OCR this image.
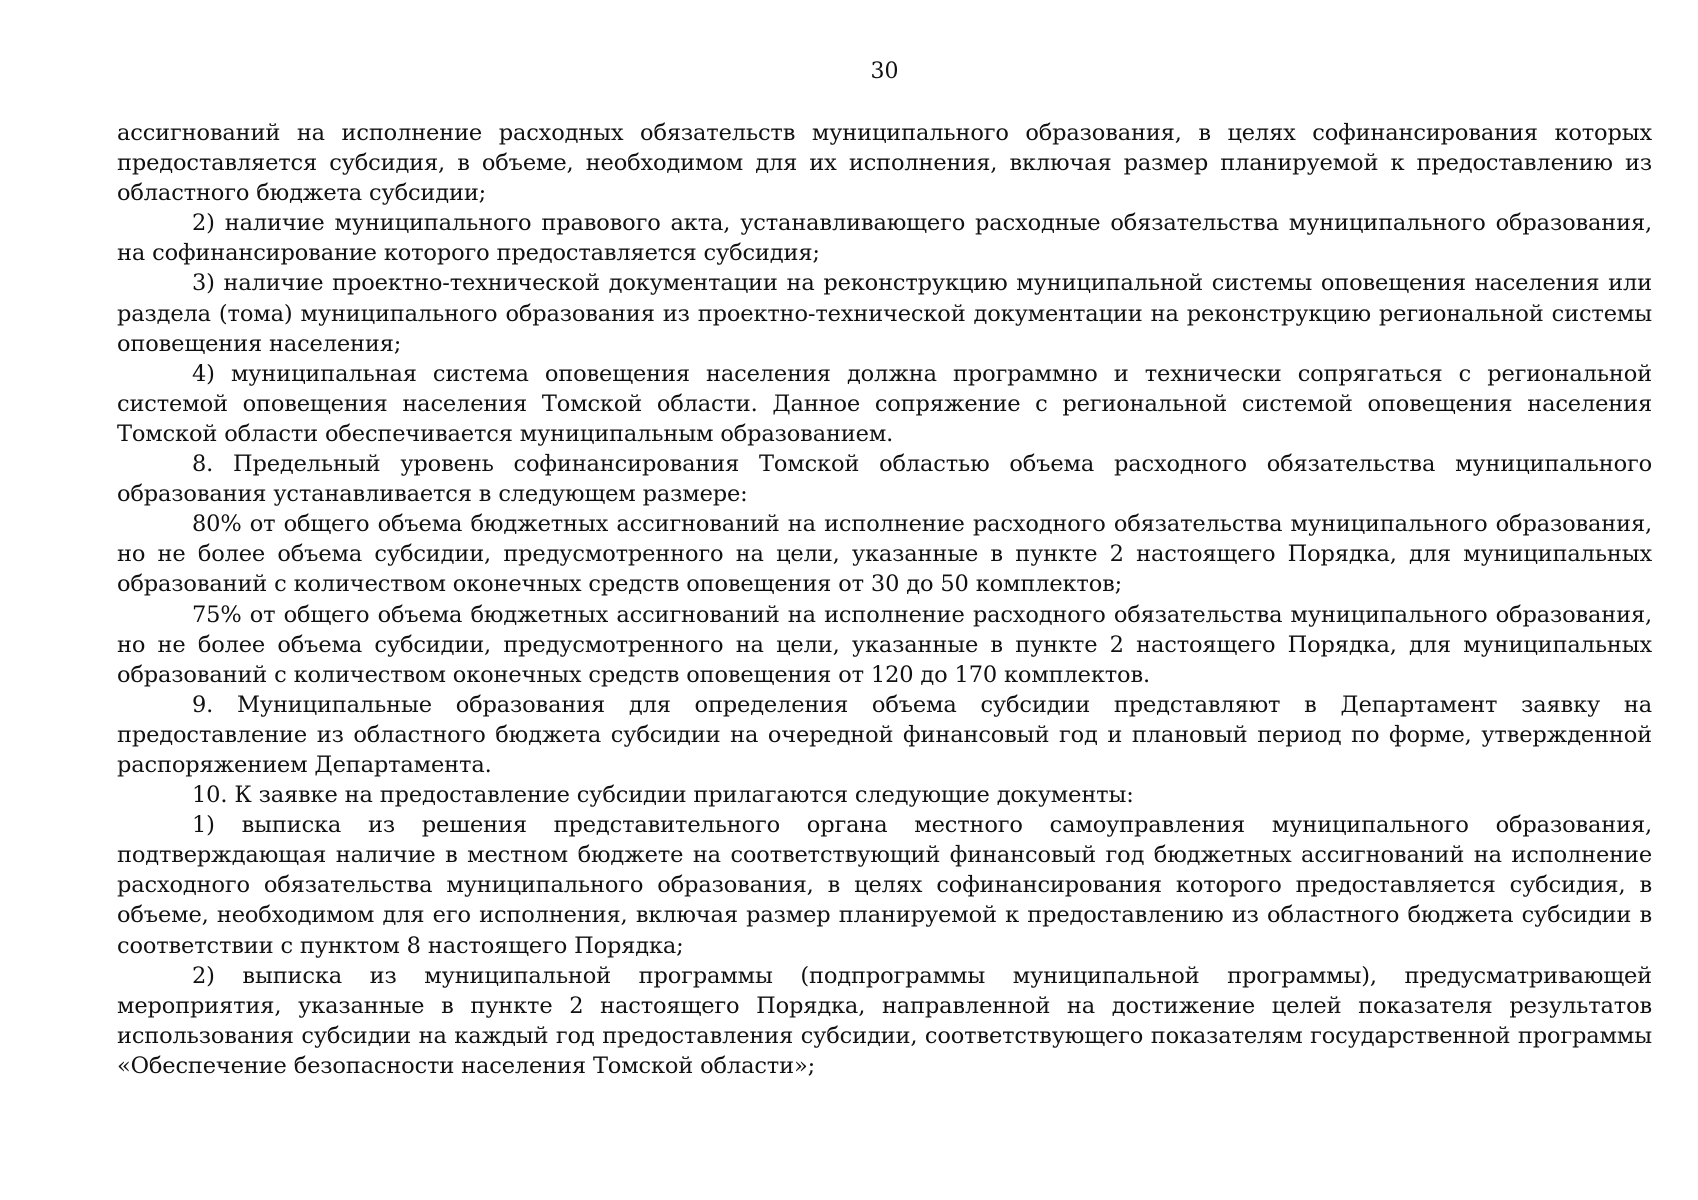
30

ассигнований на исполнение расходных обязательств муниципального образования, в целях софинансирования которых предоставляется субсидия, в объеме, необходимом для их исполнения, включая размер планируемой к предоставлению из областного бюджета субсидии;

2) наличие муниципального правового акта, устанавливающего расходные обязательства муниципального образования, на софинансирование которого предоставляется субсидия;

3) наличие проектно-технической документации на реконструкцию муниципальной системы оповещения населения или раздела (тома) муниципального образования из проектно-технической документации на реконструкцию региональной системы оповещения населения;

4) муниципальная система оповещения населения должна программно и технически сопрягаться с региональной системой оповещения населения Томской области. Данное сопряжение с региональной системой оповещения населения Томской области обеспечивается муниципальным образованием.

8. Предельный уровень софинансирования Томской областью объема расходного обязательства муниципального образования устанавливается в следующем размере:

80% от общего объема бюджетных ассигнований на исполнение расходного обязательства муниципального образования, но не более объема субсидии, предусмотренного на цели, указанные в пункте 2 настоящего Порядка, для муниципальных образований с количеством оконечных средств оповещения от 30 до 50 комплектов;

75% от общего объема бюджетных ассигнований на исполнение расходного обязательства муниципального образования, но не более объема субсидии, предусмотренного на цели, указанные в пункте 2 настоящего Порядка, для муниципальных образований с количеством оконечных средств оповещения от 120 до 170 комплектов.

9. Муниципальные образования для определения объема субсидии представляют в Департамент заявку на предоставление из областного бюджета субсидии на очередной финансовый год и плановый период по форме, утвержденной распоряжением Департамента.

10. К заявке на предоставление субсидии прилагаются следующие документы:

1) выписка из решения представительного органа местного самоуправления муниципального образования, подтверждающая наличие в местном бюджете на соответствующий финансовый год бюджетных ассигнований на исполнение расходного обязательства муниципального образования, в целях софинансирования которого предоставляется субсидия, в объеме, необходимом для его исполнения, включая размер планируемой к предоставлению из областного бюджета субсидии в соответствии с пунктом 8 настоящего Порядка;

2) выписка из муниципальной программы (подпрограммы муниципальной программы), предусматривающей мероприятия, указанные в пункте 2 настоящего Порядка, направленной на достижение целей показателя результатов использования субсидии на каждый год предоставления субсидии, соответствующего показателям государственной программы «Обеспечение безопасности населения Томской области»;
